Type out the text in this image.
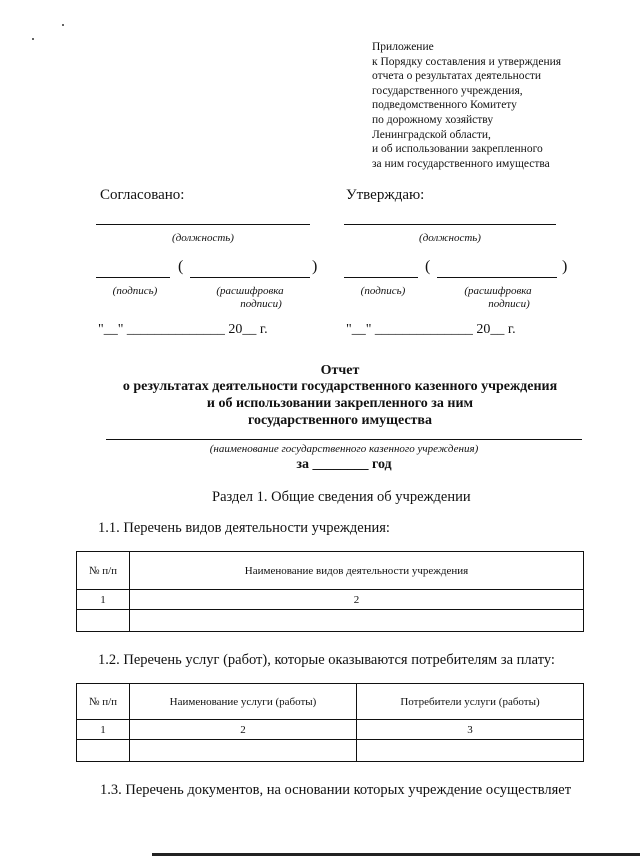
Приложение
к Порядку составления и утверждения
отчета о результатах деятельности
государственного учреждения,
подведомственного Комитету
по дорожному хозяйству
Ленинградской области,
и об использовании закрепленного
за ним государственного имущества
Согласовано:
(должность)
(	)
(подпись)	(расшифровка
подписи)
"__" ______________ 20__ г.
Утверждаю:
(должность)
(	)
(подпись)	(расшифровка
подписи)
"__" ______________ 20__ г.
Отчет
о результатах деятельности государственного казенного учреждения
и об использовании закрепленного за ним
государственного имущества
(наименование государственного казенного учреждения)
за ________ год
Раздел 1. Общие сведения об учреждении
1.1. Перечень видов деятельности учреждения:
№ п/п	Наименование видов деятельности учреждения
1	2

1.2. Перечень услуг (работ), которые оказываются потребителям за плату:
№ п/п	Наименование услуги (работы)	Потребители услуги (работы)
1	2	3

1.3. Перечень документов, на основании которых учреждение осуществляет
